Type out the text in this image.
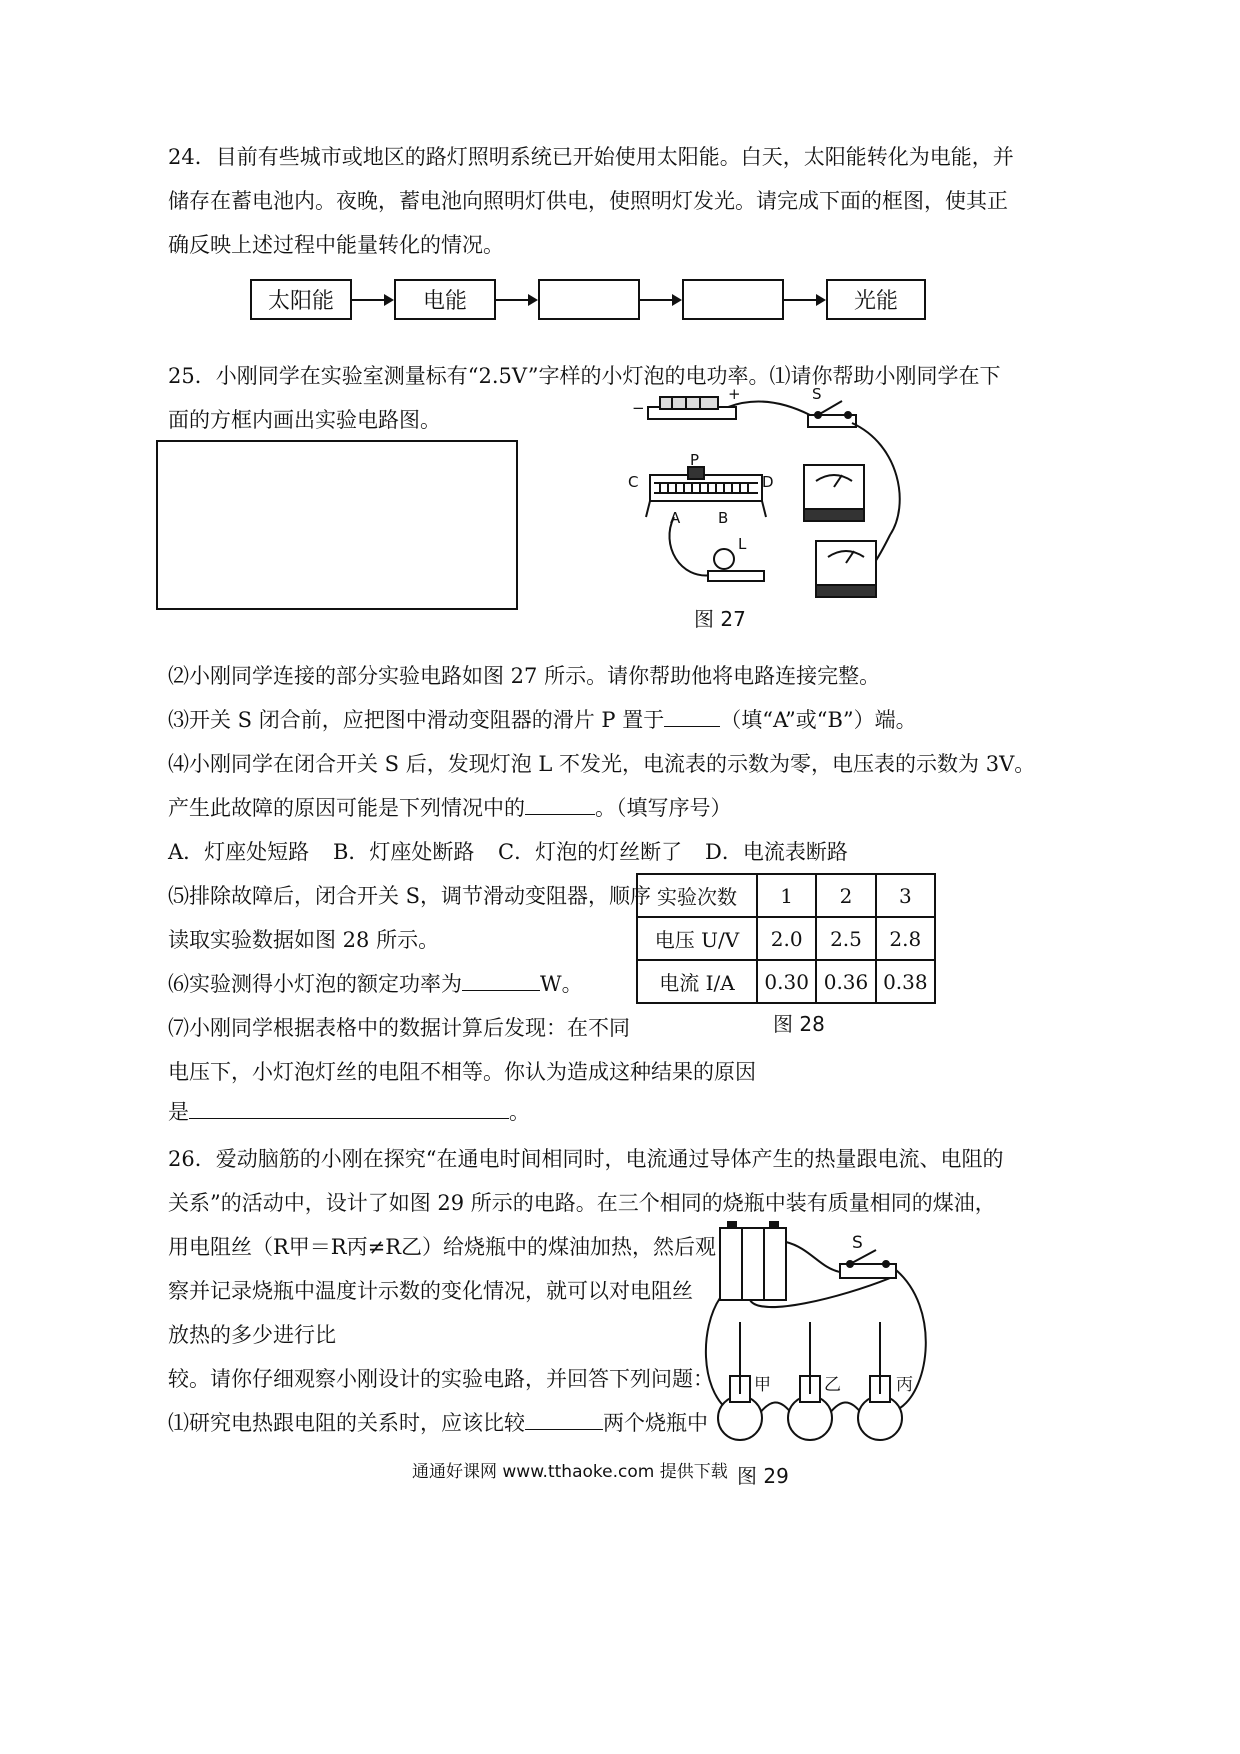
24．目前有些城市或地区的路灯照明系统已开始使用太阳能。白天，太阳能转化为电能，并
储存在蓄电池内。夜晚，蓄电池向照明灯供电，使照明灯发光。请完成下面的框图，使其正
确反映上述过程中能量转化的情况。
太阳能	电能	光能
25．小刚同学在实验室测量标有“2.5V”字样的小灯泡的电功率。⑴请你帮助小刚同学在下
面的方框内画出实验电路图。	−
+	S
C
P
D
A	B
L
图 27
⑵小刚同学连接的部分实验电路如图 27 所示。请你帮助他将电路连接完整。
⑶开关 S 闭合前，应把图中滑动变阻器的滑片 P 置于	（填“A”或“B”）端。
⑷小刚同学在闭合开关 S 后，发现灯泡 L 不发光，电流表的示数为零，电压表的示数为 3V。
产生此故障的原因可能是下列情况中的	。（填写序号）
A．灯座处短路 B．灯座处断路 C．灯泡的灯丝断了 D．电流表断路
⑸排除故障后，闭合开关 S，调节滑动变阻器，顺序
读取实验数据如图 28 所示。
⑹实验测得小灯泡的额定功率为	W。
⑺小刚同学根据表格中的数据计算后发现：在不同
电压下，小灯泡灯丝的电阻不相等。你认为造成这种结果的原因
是	。
实验次数	1	2	3
电压 U/V	2.0	2.5	2.8
电流 I/A	0.30	0.36	0.38
图 28
26．爱动脑筋的小刚在探究“在通电时间相同时，电流通过导体产生的热量跟电流、电阻的
关系”的活动中，设计了如图 29 所示的电路。在三个相同的烧瓶中装有质量相同的煤油，
用电阻丝（R甲＝R丙≠R乙）给烧瓶中的煤油加热，然后观
察并记录烧瓶中温度计示数的变化情况，就可以对电阻丝
放热的多少进行比
较。请你仔细观察小刚设计的实验电路，并回答下列问题：
⑴研究电热跟电阻的关系时，应该比较	两个烧瓶中
S
甲	乙	丙
图 29
通通好课网 www.tthaoke.com 提供下载
